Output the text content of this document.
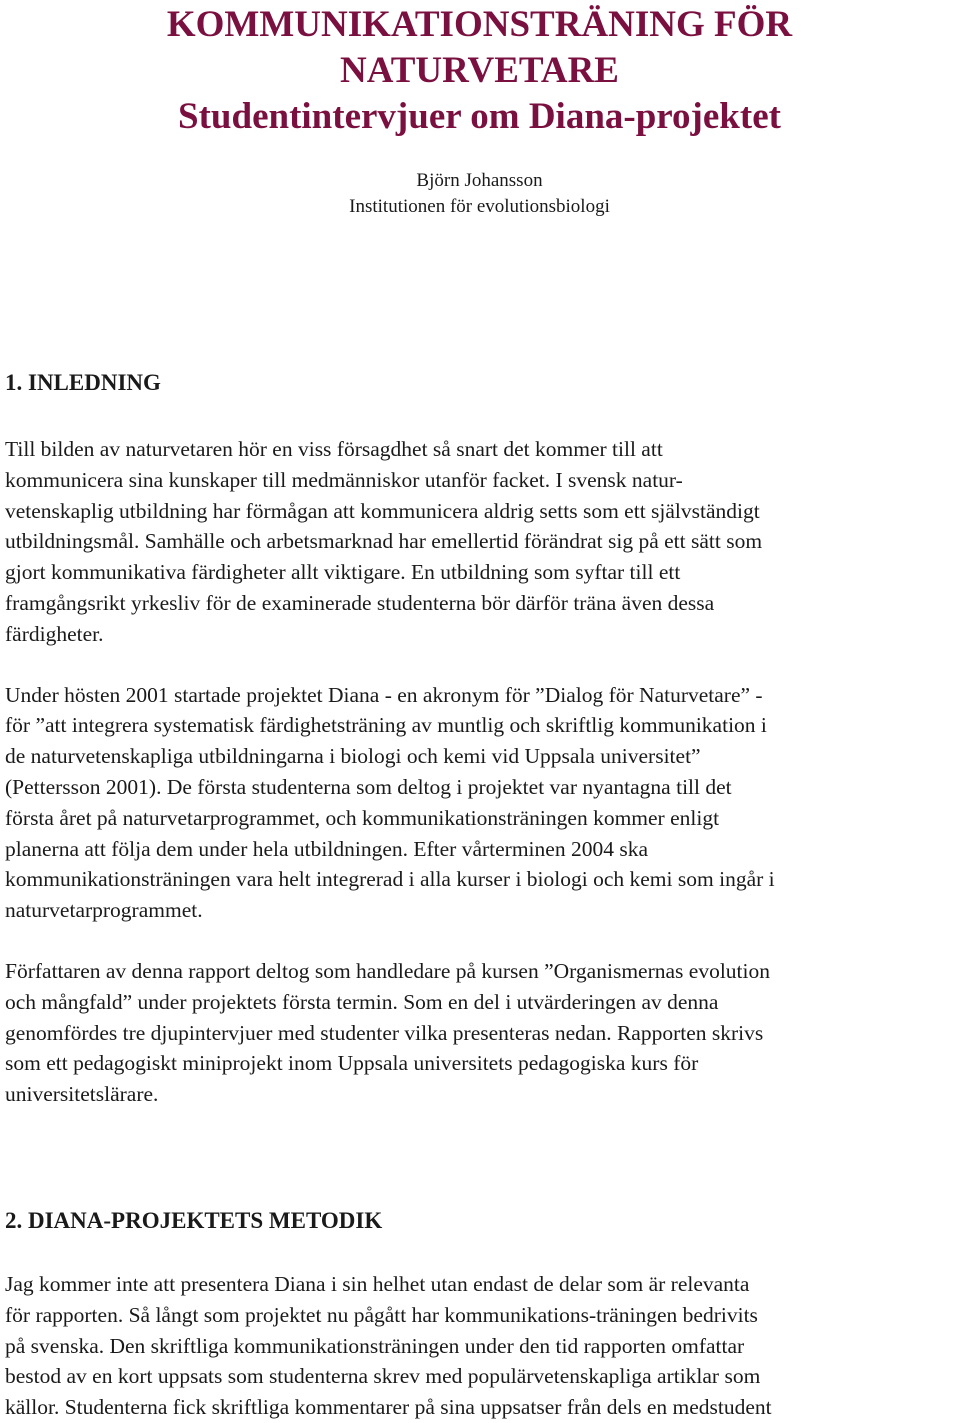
KOMMUNIKATIONSTRÄNING FÖR
NATURVETARE
Studentintervjuer om Diana-projektet
Björn Johansson
Institutionen för evolutionsbiologi
1. INLEDNING

Till bilden av naturvetaren hör en viss försagdhet så snart det kommer till att
kommunicera sina kunskaper till medmänniskor utanför facket. I svensk natur-
vetenskaplig utbildning har förmågan att kommunicera aldrig setts som ett självständigt
utbildningsmål. Samhälle och arbetsmarknad har emellertid förändrat sig på ett sätt som
gjort kommunikativa färdigheter allt viktigare. En utbildning som syftar till ett
framgångsrikt yrkesliv för de examinerade studenterna bör därför träna även dessa
färdigheter.

Under hösten 2001 startade projektet Diana - en akronym för ”Dialog för Naturvetare” -
för ”att integrera systematisk färdighetsträning av muntlig och skriftlig kommunikation i
de naturvetenskapliga utbildningarna i biologi och kemi vid Uppsala universitet”
(Pettersson 2001). De första studenterna som deltog i projektet var nyantagna till det
första året på naturvetarprogrammet, och kommunikationsträningen kommer enligt
planerna att följa dem under hela utbildningen. Efter vårterminen 2004 ska
kommunikationsträningen vara helt integrerad i alla kurser i biologi och kemi som ingår i
naturvetarprogrammet.

Författaren av denna rapport deltog som handledare på kursen ”Organismernas evolution
och mångfald” under projektets första termin. Som en del i utvärderingen av denna
genomfördes tre djupintervjuer med studenter vilka presenteras nedan. Rapporten skrivs
som ett pedagogiskt miniprojekt inom Uppsala universitets pedagogiska kurs för
universitetslärare.

2. DIANA-PROJEKTETS METODIK

Jag kommer inte att presentera Diana i sin helhet utan endast de delar som är relevanta
för rapporten. Så långt som projektet nu pågått har kommunikations-träningen bedrivits
på svenska. Den skriftliga kommunikationsträningen under den tid rapporten omfattar
bestod av en kort uppsats som studenterna skrev med populärvetenskapliga artiklar som
källor. Studenterna fick skriftliga kommentarer på sina uppsatser från dels en medstudent
